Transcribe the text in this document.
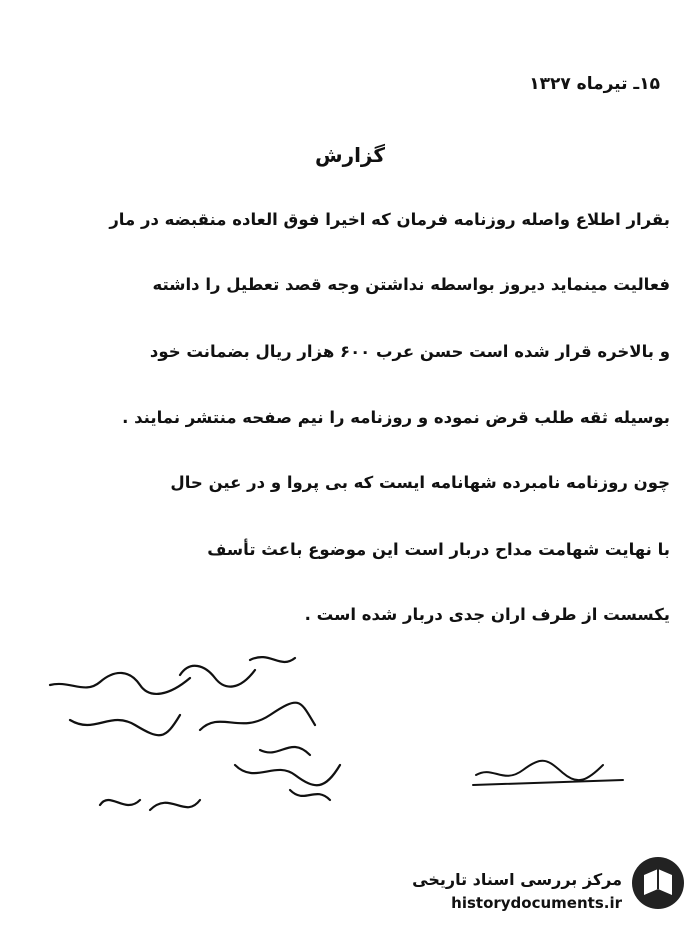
۱۵ـ تیرماه ۱۳۲۷
گزارش
بقرار اطلاع واصله روزنامه فرمان که اخیرا فوق العاده منقبضه در مار
فعالیت مینماید دیروز بواسطه نداشتن وجه قصد تعطیل را داشته
و بالاخره قرار شده است حسن عرب ۶۰۰ هزار ریال بضمانت خود
بوسیله ثقه طلب قرض نموده و روزنامه را نیم صفحه منتشر نمایند .
چون روزنامه نامبرده شهانامه ایست که بی پروا و در عین حال
با نهایت شهامت مداح دربار است این موضوع باعث تأسف
یکسست از طرف اران جدی دربار شده است .
مرکز بررسی اسناد تاریخی
historydocuments.ir
